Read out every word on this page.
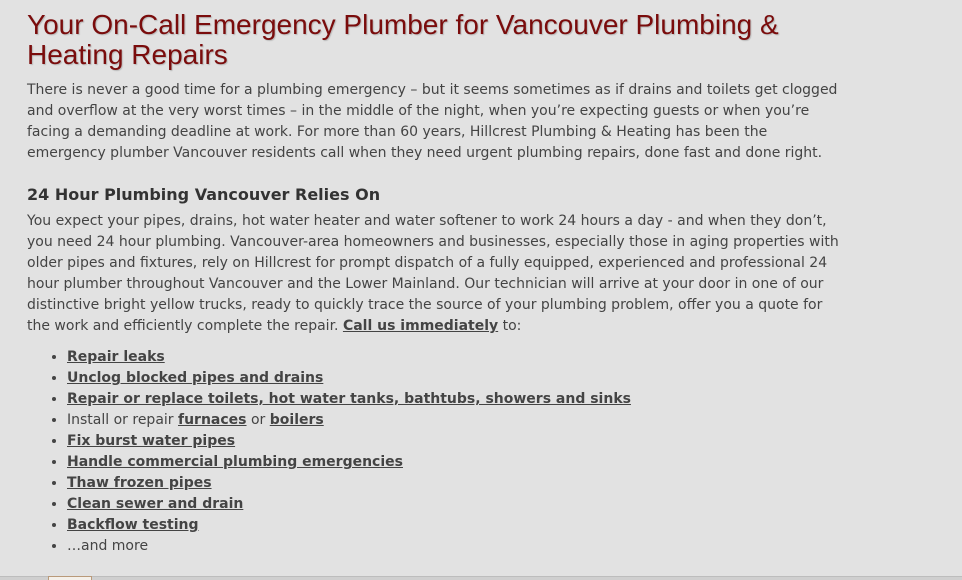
Your On-Call Emergency Plumber for Vancouver Plumbing & Heating Repairs

There is never a good time for a plumbing emergency – but it seems sometimes as if drains and toilets get clogged and overflow at the very worst times – in the middle of the night, when you’re expecting guests or when you’re facing a demanding deadline at work. For more than 60 years, Hillcrest Plumbing & Heating has been the emergency plumber Vancouver residents call when they need urgent plumbing repairs, done fast and done right.

24 Hour Plumbing Vancouver Relies On

You expect your pipes, drains, hot water heater and water softener to work 24 hours a day - and when they don’t, you need 24 hour plumbing. Vancouver-area homeowners and businesses, especially those in aging properties with older pipes and fixtures, rely on Hillcrest for prompt dispatch of a fully equipped, experienced and professional 24 hour plumber throughout Vancouver and the Lower Mainland. Our technician will arrive at your door in one of our distinctive bright yellow trucks, ready to quickly trace the source of your plumbing problem, offer you a quote for the work and efficiently complete the repair. Call us immediately to:

• Repair leaks
• Unclog blocked pipes and drains
• Repair or replace toilets, hot water tanks, bathtubs, showers and sinks
• Install or repair furnaces or boilers
• Fix burst water pipes
• Handle commercial plumbing emergencies
• Thaw frozen pipes
• Clean sewer and drain
• Backflow testing
• …and more
